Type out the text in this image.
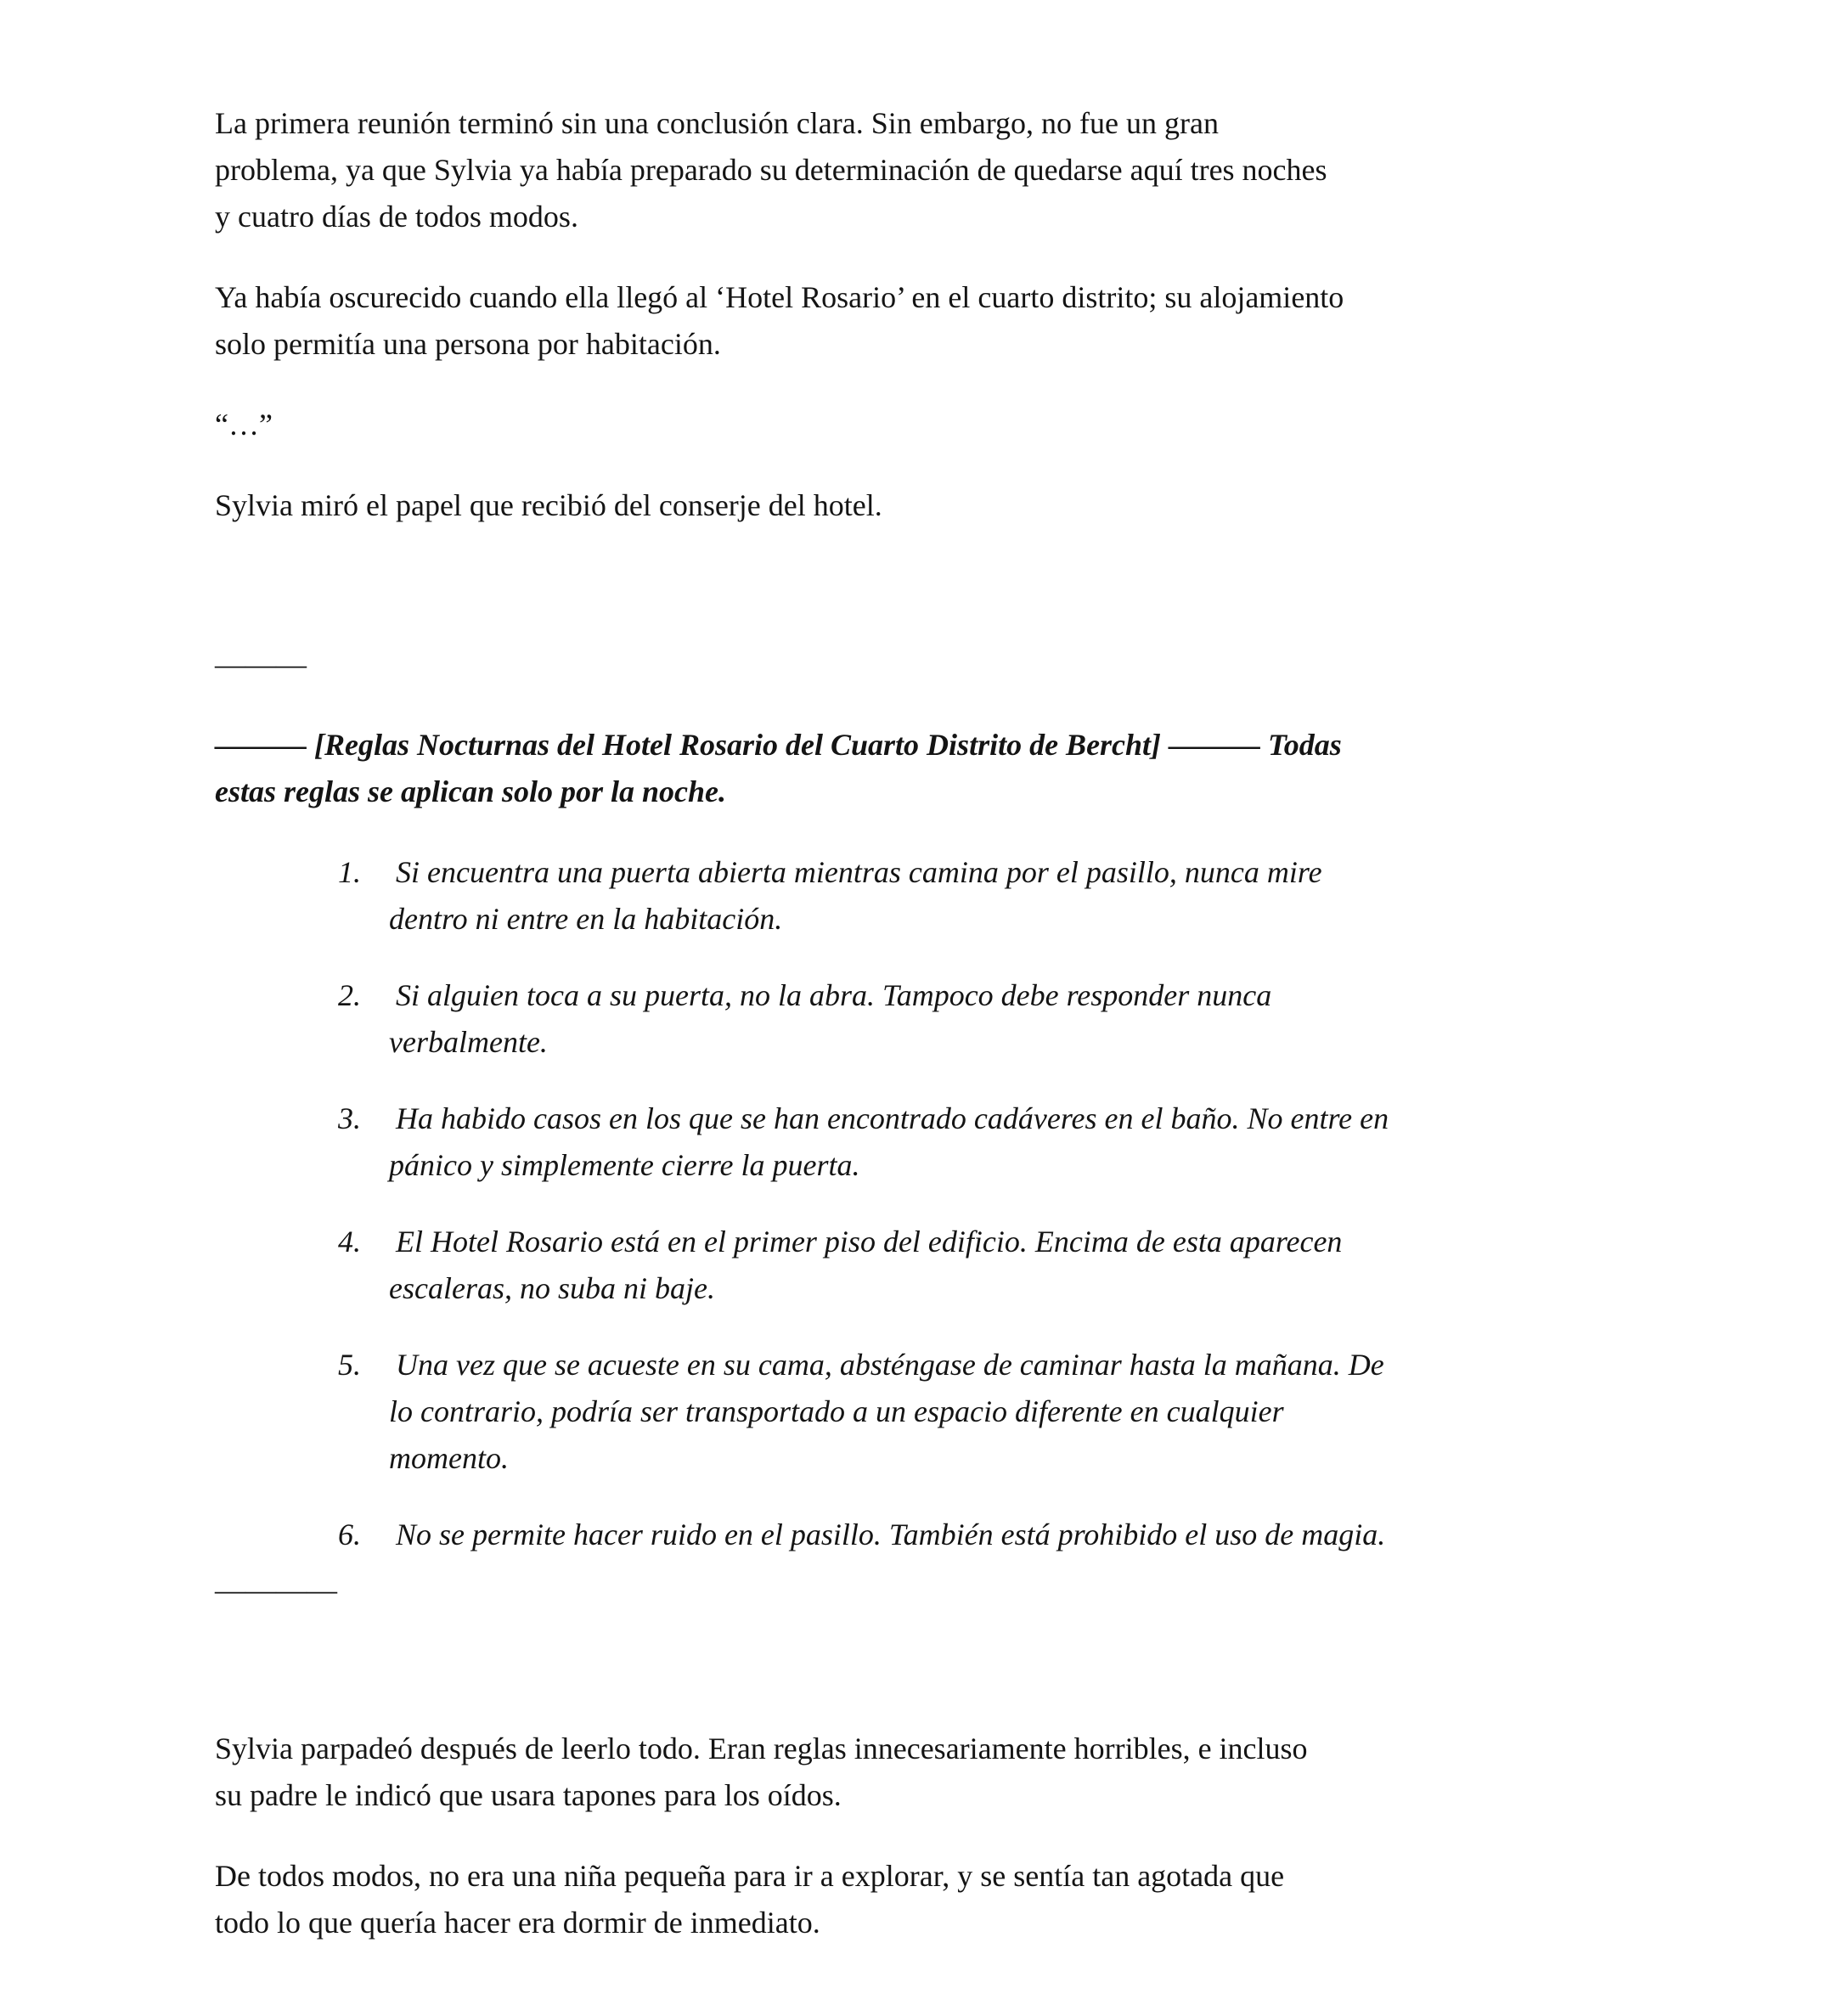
La primera reunión terminó sin una conclusión clara. Sin embargo, no fue un gran
problema, ya que Sylvia ya había preparado su determinación de quedarse aquí tres noches
y cuatro días de todos modos.
Ya había oscurecido cuando ella llegó al ‘Hotel Rosario’ en el cuarto distrito; su alojamiento
solo permitía una persona por habitación.
“…”
Sylvia miró el papel que recibió del conserje del hotel.
———
——— [Reglas Nocturnas del Hotel Rosario del Cuarto Distrito de Bercht] ——— Todas
estas reglas se aplican solo por la noche.
1.	Si encuentra una puerta abierta mientras camina por el pasillo, nunca mire
dentro ni entre en la habitación.
2.	Si alguien toca a su puerta, no la abra. Tampoco debe responder nunca
verbalmente.
3.	Ha habido casos en los que se han encontrado cadáveres en el baño. No entre en
pánico y simplemente cierre la puerta.
4.	El Hotel Rosario está en el primer piso del edificio. Encima de esta aparecen
escaleras, no suba ni baje.
5.	Una vez que se acueste en su cama, absténgase de caminar hasta la mañana. De
lo contrario, podría ser transportado a un espacio diferente en cualquier
momento.
6.	No se permite hacer ruido en el pasillo. También está prohibido el uso de magia.
————
Sylvia parpadeó después de leerlo todo. Eran reglas innecesariamente horribles, e incluso
su padre le indicó que usara tapones para los oídos.
De todos modos, no era una niña pequeña para ir a explorar, y se sentía tan agotada que
todo lo que quería hacer era dormir de inmediato.
